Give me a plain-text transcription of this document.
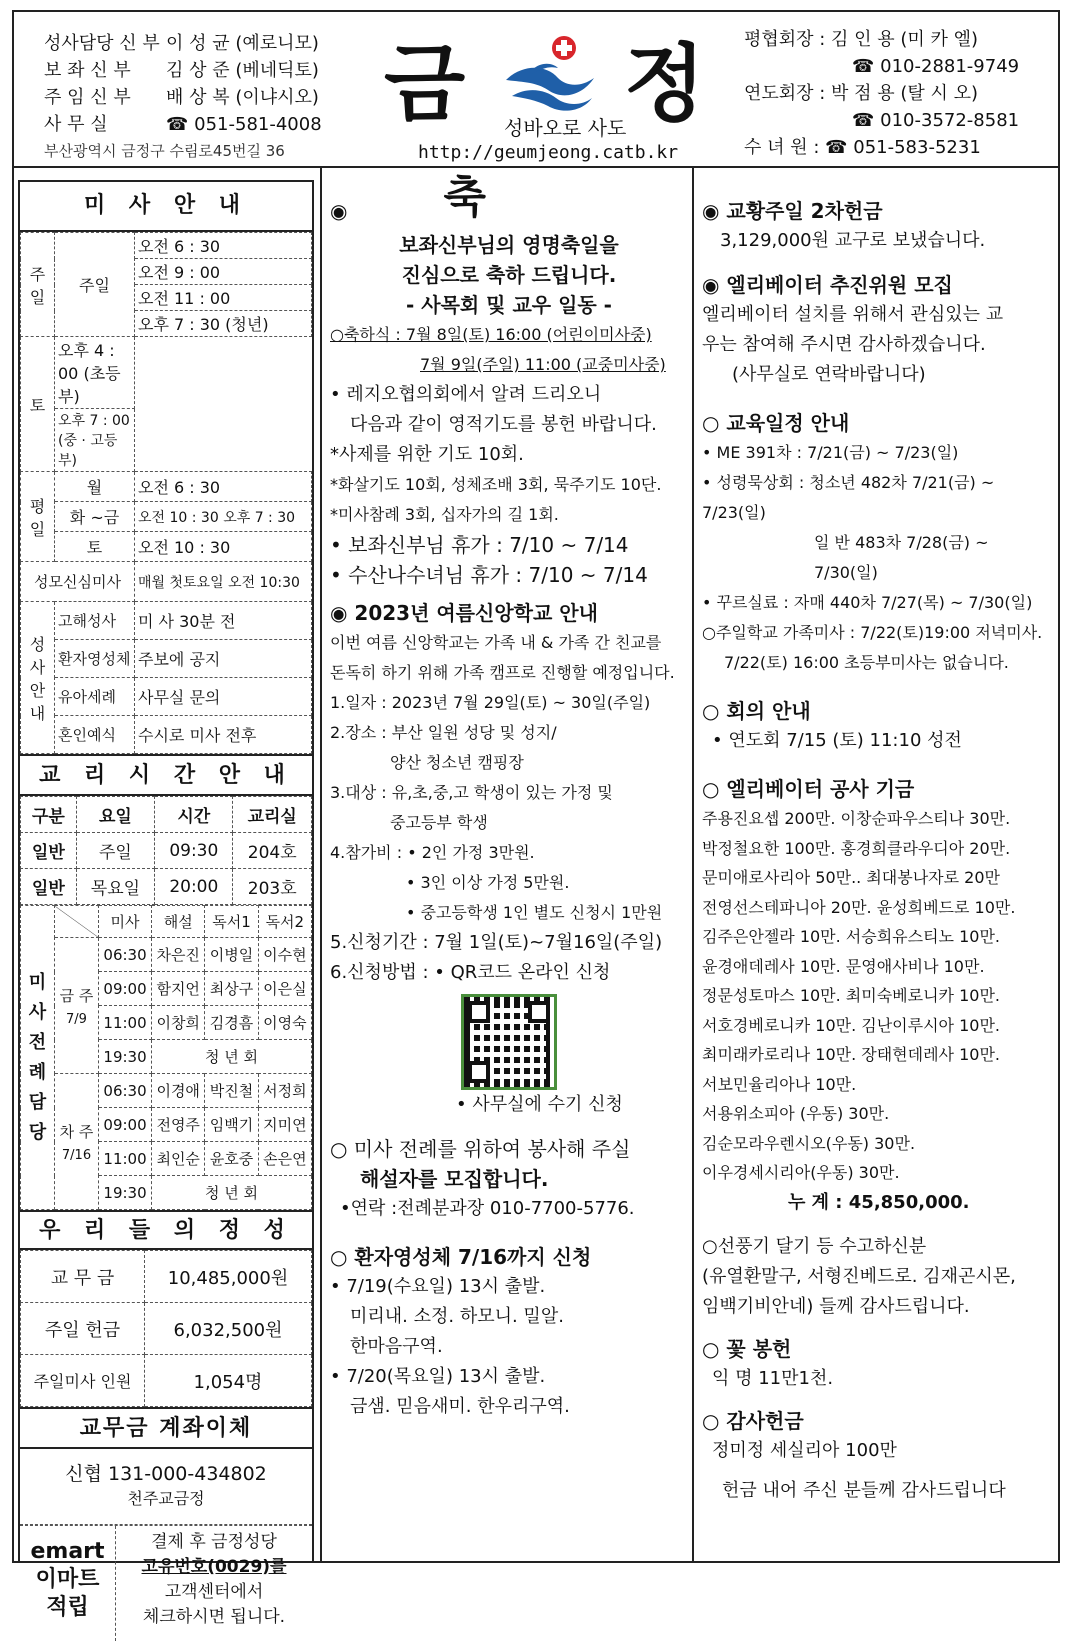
성사담당 신 부 이 성 균 (예로니모)
보 좌 신 부	김 상 준 (베네딕토)
주 임 신 부	배 상 복 (이냐시오)
사 무 실	☎ 051-581-4008
부산광역시 금정구 수림로45번길 36
금 정
성바오로 사도
http://geumjeong.catb.kr
평협회장 : 김 인 용 (미 카 엘)
☎ 010-2881-9749
연도회장 : 박 점 용 (탈 시 오)
☎ 010-3572-8581
수 녀 원 : ☎ 051-583-5231
미 사 안 내
주 일	주일	오전 6 : 30
		오전 9 : 00
		오전 11 : 00
		오후 7 : 30 (청년)
토	오후 4 : 00 (초등부)	
	오후 7 : 00 (중 · 고등부)	
평 일	월	오전 6 : 30
	화 ~금	오전 10 : 30 오후 7 : 30
	토	오전 10 : 30
성모신심미사		매월 첫토요일 오전 10:30
성 사 안 내	고해성사	미 사 30분 전
	환자영성체	주보에 공지
	유아세례	사무실 문의
	혼인예식	수시로 미사 전후
교 리 시 간 안 내
구분	요일	시간	교리실
일반	주일	09:30	204호
일반	목요일	20:00	203호
미 사 전 례 담 당		미사	해설	독서1	독서2

	금 주
7/9	06:30	차은진	이병일	이수현
		09:00	함지언	최상구	이은실
		11:00	이창희	김경흠	이영숙
		19:30	청 년 회		

	차 주
7/16	06:30	이경애	박진철	서정희
		09:00	전영주	임백기	지미연
		11:00	최인순	윤호중	손은연
		19:30	청 년 회		
우 리 들 의 정 성
교 무 금	10,485,000원
주일 헌금	6,032,500원
주일미사 인원	1,054명
교무금 계좌이체
신협 131-000-434802
천주교금정
emart
이마트
적립
결제 후 금정성당
고유번호(0029)를
고객센터에서
체크하시면 됩니다.
◉ 축
보좌신부님의 영명축일을
진심으로 축하 드립니다.
- 사목회 및 교우 일동 -
○축하식 : 7월 8일(토) 16:00 (어린이미사중)
7월 9일(주일) 11:00 (교중미사중)
• 레지오협의회에서 알려 드리오니
다음과 같이 영적기도를 봉헌 바랍니다.
*사제를 위한 기도 10회.
*화살기도 10회, 성체조배 3회, 묵주기도 10단.
*미사참례 3회, 십자가의 길 1회.
• 보좌신부님 휴가 : 7/10 ~ 7/14
• 수산나수녀님 휴가 : 7/10 ~ 7/14
◉ 2023년 여름신앙학교 안내
이번 여름 신앙학교는 가족 내 & 가족 간 친교를
돈독히 하기 위해 가족 캠프로 진행할 예정입니다.
1.일자 : 2023년 7월 29일(토) ~ 30일(주일)
2.장소 : 부산 일원 성당 및 성지/
양산 청소년 캠핑장
3.대상 : 유,초,중,고 학생이 있는 가정 및
중고등부 학생
4.참가비 : • 2인 가정 3만원.
• 3인 이상 가정 5만원.
• 중고등학생 1인 별도 신청시 1만원
5.신청기간 : 7월 1일(토)~7월16일(주일)
6.신청방법 : • QR코드 온라인 신청
• 사무실에 수기 신청
○ 미사 전례를 위하여 봉사해 주실
해설자를 모집합니다.
•연락 :전례분과장 010-7700-5776.
○ 환자영성체 7/16까지 신청
• 7/19(수요일) 13시 출발.
미리내. 소정. 하모니. 밀알.
한마음구역.
• 7/20(목요일) 13시 출발.
금샘. 믿음새미. 한우리구역.
◉ 교황주일 2차헌금
3,129,000원 교구로 보냈습니다.
◉ 엘리베이터 추진위원 모집
엘리베이터 설치를 위해서 관심있는 교
우는 참여해 주시면 감사하겠습니다.
(사무실로 연락바랍니다)
○ 교육일정 안내
• ME 391차 : 7/21(금) ~ 7/23(일)
• 성령묵상회 : 청소년 482차 7/21(금) ~ 7/23(일)
일 반 483차 7/28(금) ~ 7/30(일)
• 꾸르실료 : 자매 440차 7/27(목) ~ 7/30(일)
○주일학교 가족미사 : 7/22(토)19:00 저녁미사.
7/22(토) 16:00 초등부미사는 없습니다.
○ 회의 안내
• 연도회 7/15 (토) 11:10 성전
○ 엘리베이터 공사 기금
주용진요셉 200만. 이창순파우스티나 30만.
박정철요한 100만. 홍경희클라우디아 20만.
문미애로사리아 50만.. 최대봉나자로 20만
전영선스테파니아 20만. 윤성희베드로 10만.
김주은안젤라 10만. 서승희유스티노 10만.
윤경애데레사 10만. 문영애사비나 10만.
정문성토마스 10만. 최미숙베로니카 10만.
서호경베로니카 10만. 김난이루시아 10만.
최미래카로리나 10만. 장태현데레사 10만.
서보민율리아나 10만.
서용위소피아 (우동) 30만.
김순모라우렌시오(우동) 30만.
이우경세시리아(우동) 30만.
누 계 : 45,850,000.
○선풍기 달기 등 수고하신분
(유열환말구, 서형진베드로. 김재곤시몬,
임백기비안네) 들께 감사드립니다.
○ 꽃 봉헌
익 명 11만1천.
○ 감사헌금
정미정 세실리아 100만
헌금 내어 주신 분들께 감사드립니다
